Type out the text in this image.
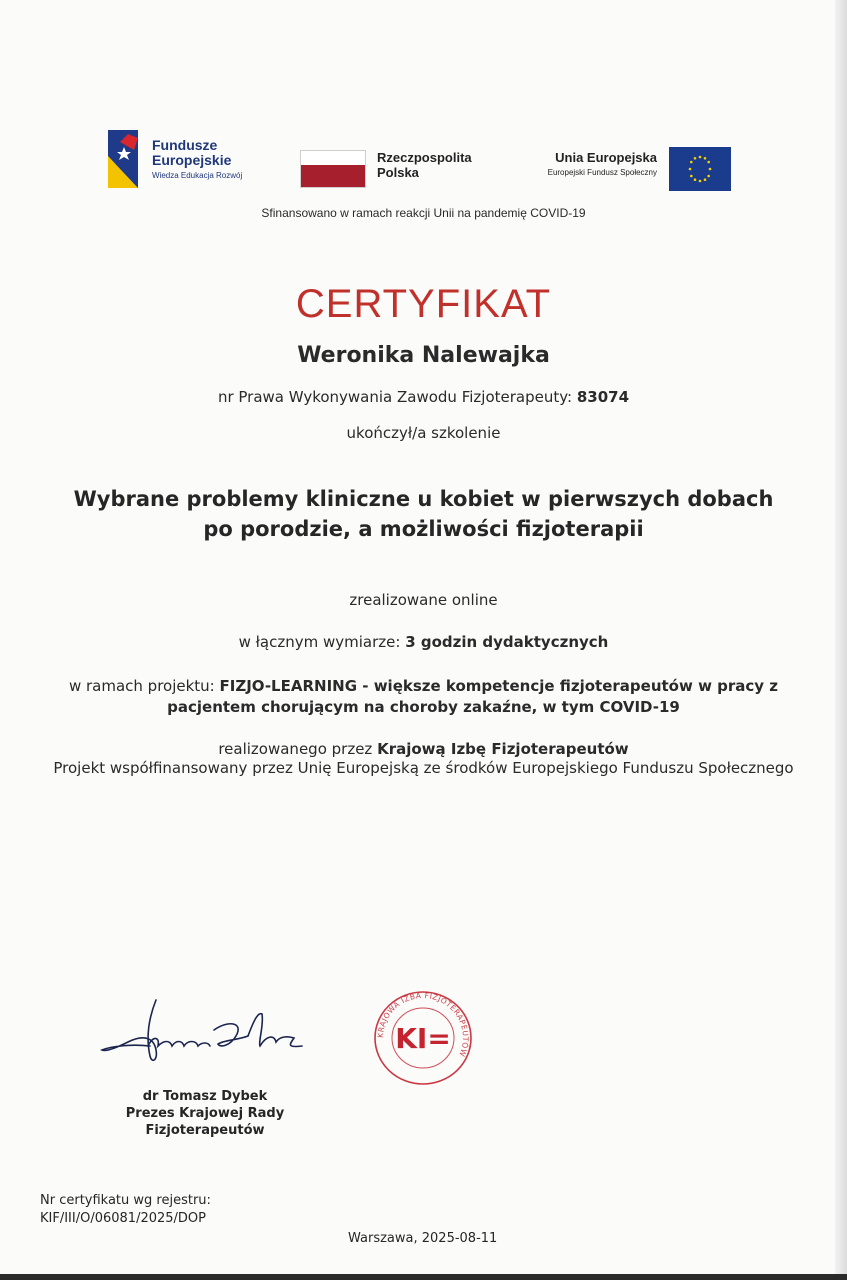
Fundusze
Europejskie
Wiedza Edukacja Rozwój
Rzeczpospolita
Polska
Unia Europejska
Europejski Fundusz Społeczny
Sfinansowano w ramach reakcji Unii na pandemię COVID-19
CERTYFIKAT
Weronika Nalewajka
nr Prawa Wykonywania Zawodu Fizjoterapeuty: 83074
ukończył/a szkolenie
Wybrane problemy kliniczne u kobiet w pierwszych dobach
po porodzie, a możliwości fizjoterapii
zrealizowane online
w łącznym wymiarze: 3 godzin dydaktycznych
w ramach projektu: FIZJO-LEARNING - większe kompetencje fizjoterapeutów w pracy z pacjentem chorującym na choroby zakaźne, w tym COVID-19
realizowanego przez Krajową Izbę Fizjoterapeutów
Projekt współfinansowany przez Unię Europejską ze środków Europejskiego Funduszu Społecznego
dr Tomasz Dybek
Prezes Krajowej Rady
Fizjoterapeutów
KRAJOWA IZBA FIZJOTERAPEUTÓW
KI=
Nr certyfikatu wg rejestru:
KIF/III/O/06081/2025/DOP
Warszawa, 2025-08-11
